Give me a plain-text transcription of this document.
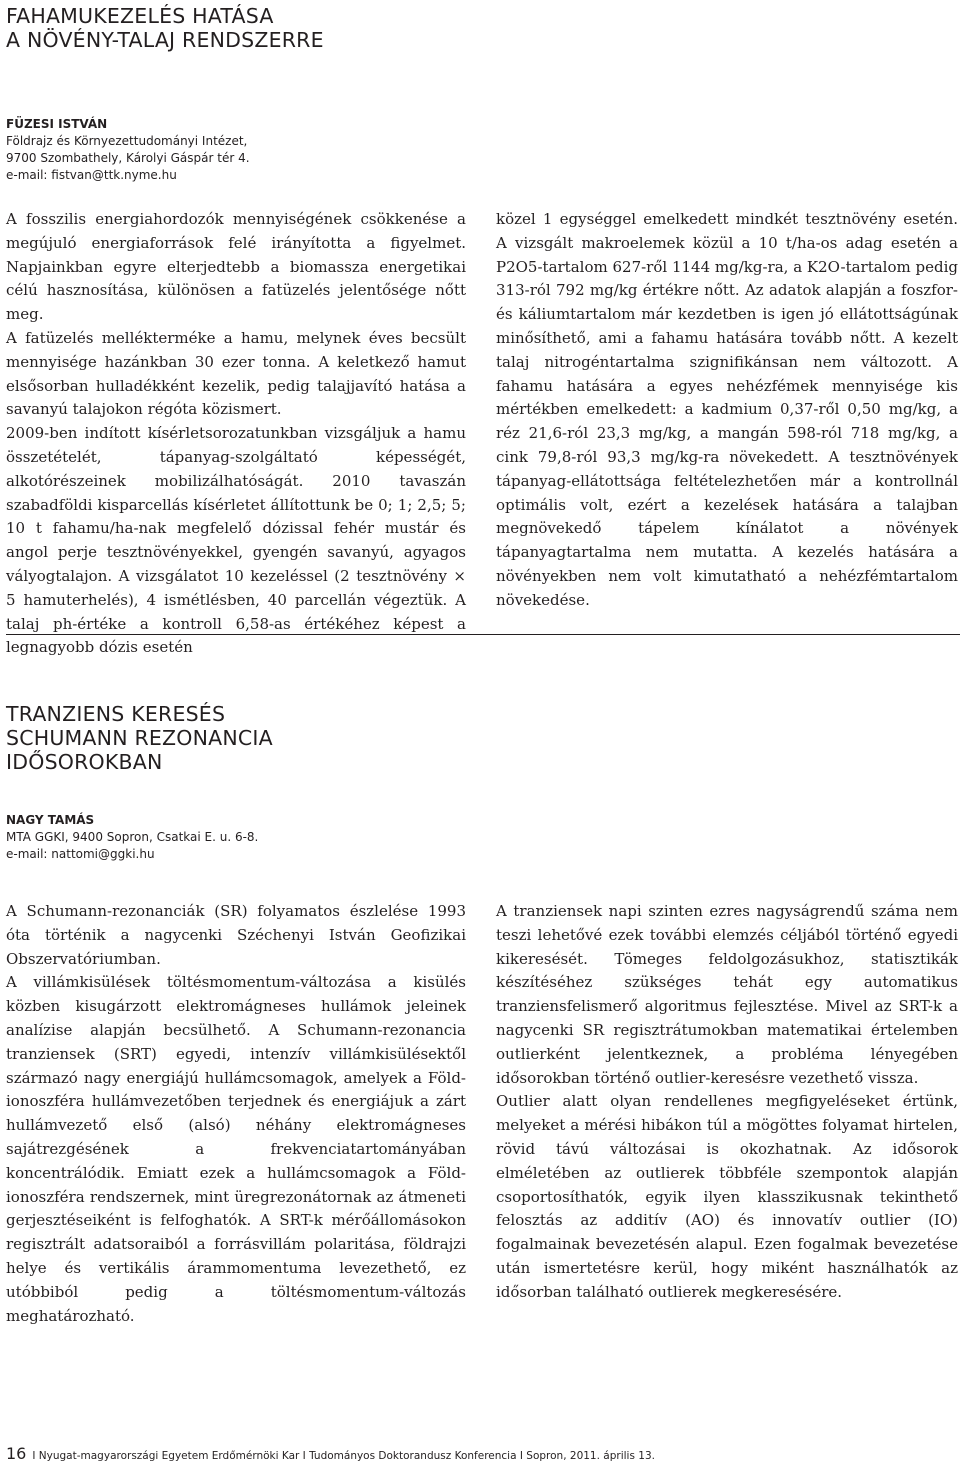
FAHAMUKEZELÉS HATÁSA
A NÖVÉNY-TALAJ RENDSZERRE
FÜZESI ISTVÁN
Földrajz és Környezettudományi Intézet,
9700 Szombathely, Károlyi Gáspár tér 4.
e-mail: fistvan@ttk.nyme.hu

A fosszilis energiahordozók mennyiségének csökkenése a megújuló energiaforrások felé irányította a figyelmet. Napjainkban egyre elterjedtebb a biomassza energetikai célú hasznosítása, különösen a fatüzelés jelentősége nőtt meg.

A fatüzelés mellékterméke a hamu, melynek éves becsült mennyisége hazánkban 30 ezer tonna. A keletkező hamut elsősorban hulladékként kezelik, pedig talajjavító hatása a savanyú talajokon régóta közismert.

2009-ben indított kísérletsorozatunkban vizsgáljuk a hamu összetételét, tápanyag-szolgáltató képességét, alkotórészeinek mobilizálhatóságát. 2010 tavaszán szabadföldi kisparcellás kísérletet állítottunk be 0; 1; 2,5; 5; 10 t fahamu/ha-nak megfelelő dózissal fehér mustár és angol perje tesztnövényekkel, gyengén savanyú, agyagos vályogtalajon. A vizsgálatot 10 kezeléssel (2 tesztnövény × 5 hamuterhelés), 4 ismétlésben, 40 parcellán végeztük. A talaj ph-értéke a kontroll 6,58-as értékéhez képest a legnagyobb dózis esetén

közel 1 egységgel emelkedett mindkét tesztnövény esetén. A vizsgált makroelemek közül a 10 t/ha-os adag esetén a P2O5-tartalom 627-ről 1144 mg/kg-ra, a K2O-tartalom pedig 313-ról 792 mg/kg értékre nőtt. Az adatok alapján a foszfor- és káliumtartalom már kezdetben is igen jó ellátottságúnak minősíthető, ami a fahamu hatására tovább nőtt. A kezelt talaj nitrogéntartalma szignifikánsan nem változott. A fahamu hatására a egyes nehézfémek mennyisége kis mértékben emelkedett: a kadmium 0,37-ről 0,50 mg/kg, a réz 21,6-ról 23,3 mg/kg, a mangán 598-ról 718 mg/kg, a cink 79,8-ról 93,3 mg/kg-ra növekedett. A tesztnövények tápanyag-ellátottsága feltételezhetően már a kontrollnál optimális volt, ezért a kezelések hatására a talajban megnövekedő tápelem kínálatot a növények tápanyagtartalma nem mutatta. A kezelés hatására a növényekben nem volt kimutatható a nehézfémtartalom növekedése.

TRANZIENS KERESÉS
SCHUMANN REZONANCIA
IDŐSOROKBAN
NAGY TAMÁS
MTA GGKI, 9400 Sopron, Csatkai E. u. 6-8.
e-mail: nattomi@ggki.hu

A Schumann-rezonanciák (SR) folyamatos észlelése 1993 óta történik a nagycenki Széchenyi István Geofizikai Obszervatóriumban.

A villámkisülések töltésmomentum-változása a kisülés közben kisugárzott elektromágneses hullámok jeleinek analízise alapján becsülhető. A Schumann-rezonancia tranziensek (SRT) egyedi, intenzív villámkisülésektől származó nagy energiájú hullámcsomagok, amelyek a Föld-ionoszféra hullámvezetőben terjednek és energiájuk a zárt hullámvezető első (alsó) néhány elektromágneses sajátrezgésének a frekvenciatartományában koncentrálódik. Emiatt ezek a hullámcsomagok a Föld-ionoszféra rendszernek, mint üregrezonátornak az átmeneti gerjesztéseiként is felfoghatók. A SRT-k mérőállomásokon regisztrált adatsoraiból a forrásvillám polaritása, földrajzi helye és vertikális árammomentuma levezethető, ez utóbbiból pedig a töltésmomentum-változás meghatározható.

A tranziensek napi szinten ezres nagyságrendű száma nem teszi lehetővé ezek további elemzés céljából történő egyedi kikeresését. Tömeges feldolgozásukhoz, statisztikák készítéséhez szükséges tehát egy automatikus tranziensfelismerő algoritmus fejlesztése. Mivel az SRT-k a nagycenki SR regisztrátumokban matematikai értelemben outlierként jelentkeznek, a probléma lényegében idősorokban történő outlier-keresésre vezethető vissza.

Outlier alatt olyan rendellenes megfigyeléseket értünk, melyeket a mérési hibákon túl a mögöttes folyamat hirtelen, rövid távú változásai is okozhatnak. Az idősorok elméletében az outlierek többféle szempontok alapján csoportosíthatók, egyik ilyen klasszikusnak tekinthető felosztás az additív (AO) és innovatív outlier (IO) fogalmainak bevezetésén alapul. Ezen fogalmak bevezetése után ismertetésre kerül, hogy miként használhatók az idősorban található outlierek megkeresésére.

16 I Nyugat-magyarországi Egyetem Erdőmérnöki Kar I Tudományos Doktorandusz Konferencia I Sopron, 2011. április 13.
